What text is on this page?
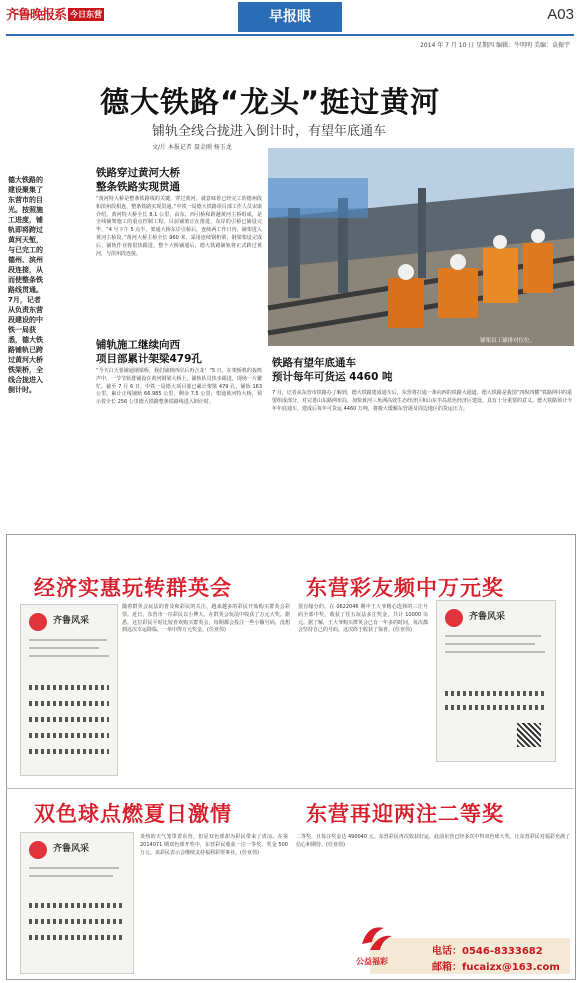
齐鲁晚报系 今日东营	早报眼	A03
2014 年 7 月 10 日 星期四 编辑：牛明明 美编：袁振宇
德大铁路“龙头”挺过黄河
铺轨全线合拢进入倒计时，有望年底通车
文/片 本报记者 聂金刚 杨玉龙
德大铁路的建设聚集了东营市的目光。按照施工进度，铺轨即将跨过黄河天堑，与已完工的德州、滨州段连接，从而使整条铁路线贯通。7月，记者从负责东营段建设的中铁一局获悉，德大铁路铺轨已跨过黄河大桥铁架桥，全线合拢进入倒计时。
铁路穿过黄河大桥
整条铁路实现贯通
“黄河特大桥是整条铁路线的关键，穿过黄河，就意味着已经完工的德州段和滨州段相连，整条铁路实现贯通。”中铁一局德大铁路项目部工作人员宋康介绍，黄河特大桥全长 8.1 公里，由东、西引桥和跨越黄河主桥组成，是全线铺架施工的重点控制工程。目前铺架正在推进，东岸的引桥已铺设完毕，“4 号下午 5 点半，架通大桥东岸引桥后，连续两工作日内，铺架进入黄河主桥段。”黄河大桥主桥全长 960 米，采用连续钢桁梁，钢梁架设完成后，铺轨作业将很快跟进。整个大桥铺通后，德大铁路铺轨将正式跨过黄河，与滨州段连接。
铺轨施工继续向西
项目部累计架梁479孔
“今天白天要铺通钢梁桥，我们铺到西岸后再合龙！”5 日，在架桥机的轰鸣声中，一节节轨排铺设在黄河钢梁大桥上，铺轨队员快步跟进，现场一片繁忙。截至 7 月 6 日，中铁一局德大项目部已累计架梁 479 孔，铺轨 163 公里，累计正线铺轨 66.985 公里，剩余 7.5 公里，架通黄河特大桥，预示着全长 256 公里德大铁路整条铁路线进入倒计时。
铺架员工铺排对位位。
铁路有望年底通车
预计每年可货运 4460 吨
7 月，记者从东营市铁路办了解到，德大铁路建成通车后，东营将打通一条向西的铁路大通道。德大铁路是我国“四纵四横”铁路网中的重要组成部分，对完善山东路网布局，加快黄河三角洲高效生态经济区和山东半岛蓝色经济区建设，具有十分重要的意义。德大铁路预计今年年底通车，建成后每年可货运 4460 万吨，将极大缓解东营港及周边地区的货运压力。
经济实惠玩转群英会	东营彩友频中万元奖
齐鲁风采
随着群英会玩法的普及和彩民的关注，越来越多的彩民开始购买群英会彩票。近日，东营市一位彩民以小博大，在群英会玩法中收获了万元大奖。据悉，这位彩民平时比较喜欢购买群英会，每期都会投注一些小额号码，没想到这次幸运降临，一举中得万元奖金。(任亚伟)
很有缘分的。在 0622046 期中王大爷精心选择的三注号码全部中奖，收获了任五玩法多注奖金，共计 10000 余元。据了解，王大爷购买群英会已有一年多的时间，每次都会坚持自己的号码，这次终于收获了惊喜。(任亚伟)
齐鲁风采
双色球点燃夏日激情	东营再迎两注二等奖
齐鲁风采
炎热的天气笼罩着东营，但是双色球却为彩民带来了清凉。在第 2014071 期双色球开奖中，东营彩民收获一注一等奖，奖金 500 万元。该彩民表示会继续支持福利彩票事业。(任亚伟)
二等奖，且每注奖金达 490040 元。东营彩民再次收获好运，此前东营已经多次中得双色球大奖，让东营彩民对福彩充满了信心和期待。(任亚伟)
电话：0546-8333682
邮箱：fucaizx@163.com
公益福彩
